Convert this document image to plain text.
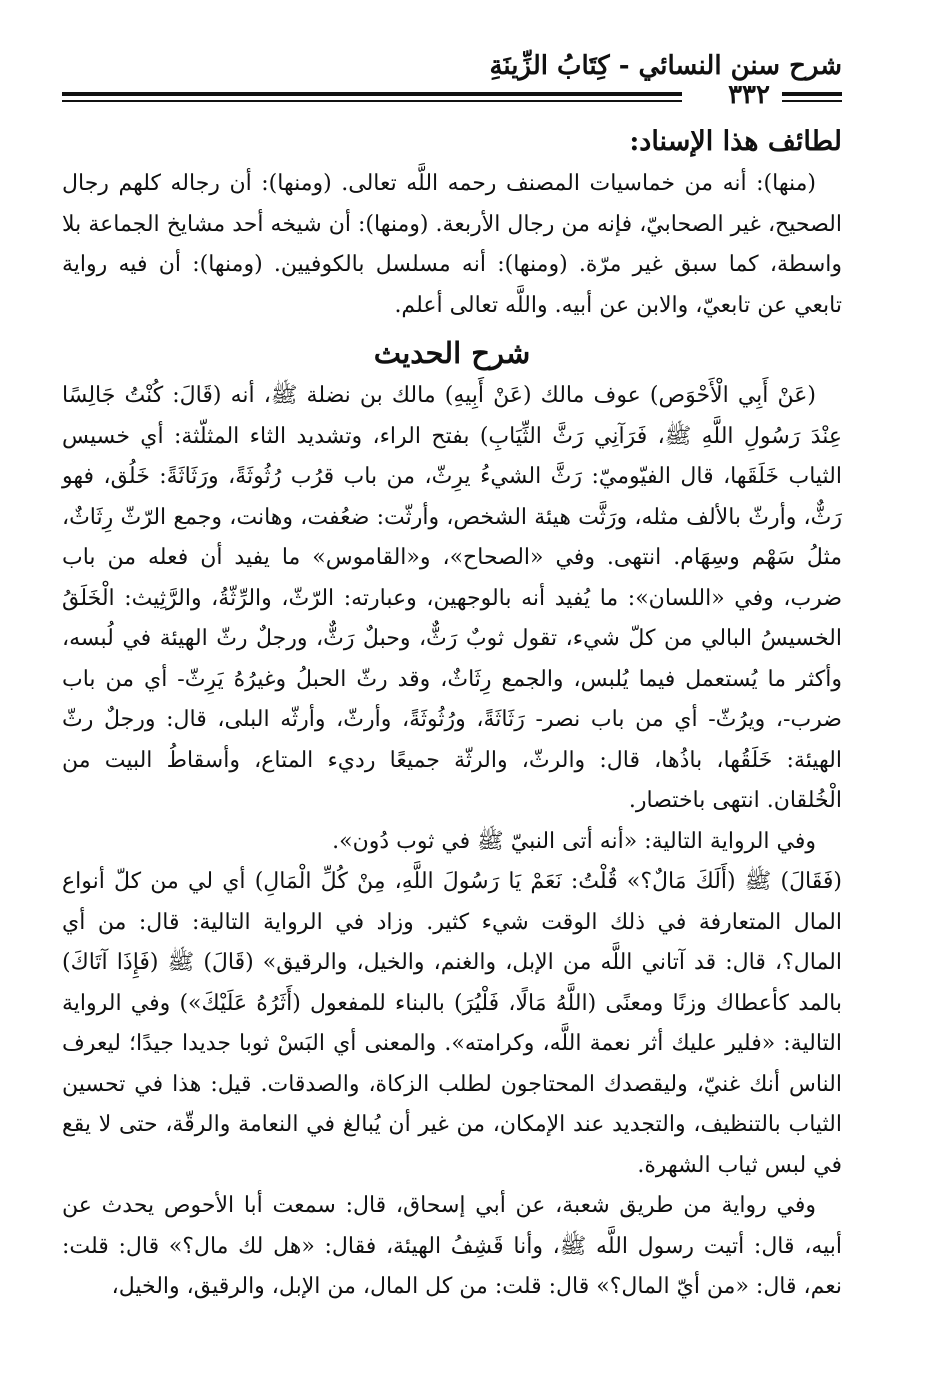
شرح سنن النسائي - كِتَابُ الزِّينَةِ
٣٣٢
لطائف هذا الإسناد:

(منها): أنه من خماسيات المصنف رحمه اللَّه تعالى. (ومنها): أن رجاله كلهم رجال الصحيح، غير الصحابيّ، فإنه من رجال الأربعة. (ومنها): أن شيخه أحد مشايخ الجماعة بلا واسطة، كما سبق غير مرّة. (ومنها): أنه مسلسل بالكوفيين. (ومنها): أن فيه رواية تابعي عن تابعيّ، والابن عن أبيه. واللَّه تعالى أعلم.

شرح الحديث

(عَنْ أَبِي الْأَحْوَص) عوف مالك (عَنْ أَبِيهِ) مالك بن نضلة ﷺ، أنه (قَالَ: كُنْتُ جَالِسًا عِنْدَ رَسُولِ اللَّهِ ﷺ، فَرَآنِي رَثَّ الثِّيَابِ) بفتح الراء، وتشديد الثاء المثلّثة: أي خسيس الثياب خَلَقَها، قال الفيّوميّ: رَثَّ الشيءُ يرِثّ، من باب قرُب رُثُوثَةً، ورَثَاثَةً: خَلُق، فهو رَثٌّ، وأرثّ بالألف مثله، ورَثَّت هيئة الشخص، وأرثّت: ضعُفت، وهانت، وجمع الرّثّ رِثَاثٌ، مثلُ سَهْم وسِهَام. انتهى. وفي «الصحاح»، و«القاموس» ما يفيد أن فعله من باب ضرب، وفي «اللسان»: ما يُفيد أنه بالوجهين، وعبارته: الرّثّ، والرِّثّةُ، والرَّثِيث: الْخَلَقُ الخسيسُ البالي من كلّ شيء، تقول ثوبٌ رَثٌّ، وحبلٌ رَثٌّ، ورجلٌ رثّ الهيئة في لُبسه، وأكثر ما يُستعمل فيما يُلبس، والجمع رِثَاثٌ، وقد رثّ الحبلُ وغيرُهُ يَرِثّ- أي من باب ضرب-، ويرُثّ- أي من باب نصر- رَثَاثَةً، ورُثُوثَةً، وأرثّ، وأرثّه البلى، قال: ورجلٌ رثّ الهيئة: خَلَقُها، باذُها، قال: والرثّ، والرثّة جميعًا رديء المتاع، وأسقاطُ البيت من الْخُلقان. انتهى باختصار.

وفي الرواية التالية: «أنه أتى النبيّ ﷺ في ثوب دُون».

(فَقَالَ) ﷺ (أَلَكَ مَالٌ؟» قُلْتُ: نَعَمْ يَا رَسُولَ اللَّهِ، مِنْ كُلِّ الْمَالِ) أي لي من كلّ أنواع المال المتعارفة في ذلك الوقت شيء كثير. وزاد في الرواية التالية: قال: من أي المال؟، قال: قد آتاني اللَّه من الإبل، والغنم، والخيل، والرقيق» (قَالَ) ﷺ (فَإِذَا آتَاكَ) بالمد كأعطاك وزنًا ومعنًى (اللَّهُ مَالًا، فَلْيُرَ) بالبناء للمفعول (أَثَرُهُ عَلَيْكَ») وفي الرواية التالية: «فلير عليك أثر نعمة اللَّه، وكرامته». والمعنى أي البَسْ ثوبا جديدا جيدًا؛ ليعرف الناس أنك غنيّ، وليقصدك المحتاجون لطلب الزكاة، والصدقات. قيل: هذا في تحسين الثياب بالتنظيف، والتجديد عند الإمكان، من غير أن يُبالغ في النعامة والرقّة، حتى لا يقع في لبس ثياب الشهرة.

وفي رواية من طريق شعبة، عن أبي إسحاق، قال: سمعت أبا الأحوص يحدث عن أبيه، قال: أتيت رسول اللَّه ﷺ، وأنا قَشِفُ الهيئة، فقال: «هل لك مال؟» قال: قلت: نعم، قال: «من أيّ المال؟» قال: قلت: من كل المال، من الإبل، والرقيق، والخيل،
